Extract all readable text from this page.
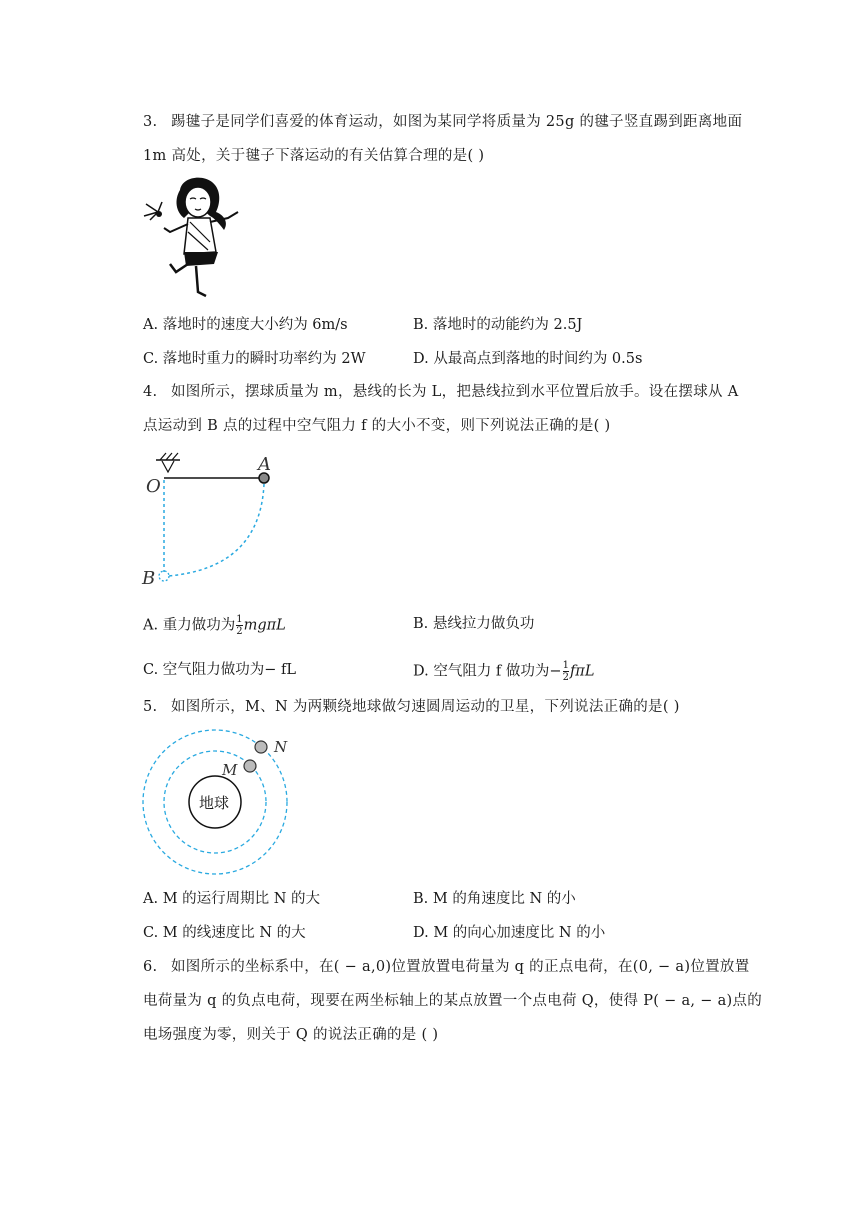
3. 踢毽子是同学们喜爱的体育运动，如图为某同学将质量为 25g 的毽子竖直踢到距离地面
1m 高处，关于毽子下落运动的有关估算合理的是( )
A. 落地时的速度大小约为 6m/s	B. 落地时的动能约为 2.5J
C. 落地时重力的瞬时功率约为 2W	D. 从最高点到落地的时间约为 0.5s
4. 如图所示，摆球质量为 m，悬线的长为 L，把悬线拉到水平位置后放手。设在摆球从 A
点运动到 B 点的过程中空气阻力 f 的大小不变，则下列说法正确的是( )
O
A
B
A. 重力做功为 $\frac{1}{2}$ mgπL	B. 悬线拉力做负功
C. 空气阻力做功为− fL	D. 空气阻力 f 做功为− $\frac{1}{2}$ fπL
5. 如图所示，M、N 为两颗绕地球做匀速圆周运动的卫星，下列说法正确的是( )
地球
M
N
A. M 的运行周期比 N 的大	B. M 的角速度比 N 的小
C. M 的线速度比 N 的大	D. M 的向心加速度比 N 的小
6. 如图所示的坐标系中，在( − a,0)位置放置电荷量为 q 的正点电荷，在(0, − a)位置放置
电荷量为 q 的负点电荷，现要在两坐标轴上的某点放置一个点电荷 Q，使得 P( − a, − a)点的
电场强度为零，则关于 Q 的说法正确的是 ( )
